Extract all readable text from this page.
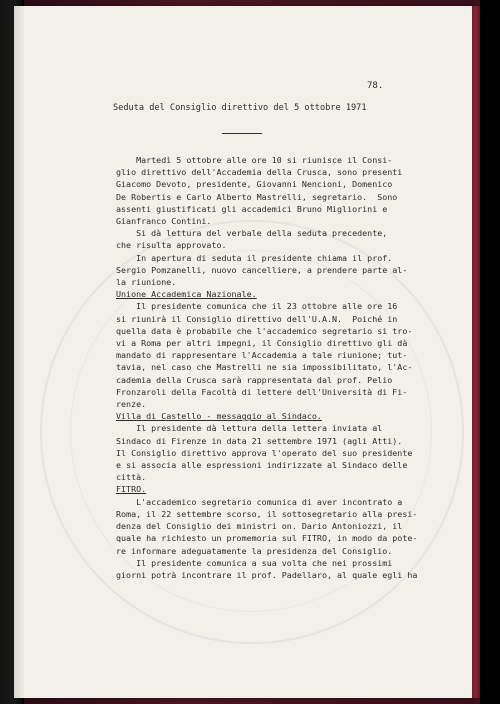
78.
Seduta del Consiglio direttivo del 5 ottobre 1971
Martedì 5 ottobre alle ore 10 si riunisce il Consi-
glio direttivo dell'Accademia della Crusca, sono presenti
Giacomo Devoto, presidente, Giovanni Nencioni, Domenico
De Robertis e Carlo Alberto Mastrelli, segretario.  Sono
assenti giustificati gli accademici Bruno Migliorini e
Gianfranco Contini.
Si dà lettura del verbale della seduta precedente,
che risulta approvato.
In apertura di seduta il presidente chiama il prof.
Sergio Pomzanelli, nuovo cancelliere, a prendere parte al-
la riunione.
Unione Accademica Nazionale.
Il presidente comunica che il 23 ottobre alle ore 16
si riunirà il Consiglio direttivo dell'U.A.N.  Poiché in
quella data è probabile che l'accademico segretario si tro-
vi a Roma per altri impegni, il Consiglio direttivo gli dà
mandato di rappresentare l'Accademia a tale riunione; tut-
tavia, nel caso che Mastrelli ne sia impossibilitato, l'Ac-
cademia della Crusca sarà rappresentata dal prof. Pelio
Fronzaroli della Facoltà di lettere dell'Università di Fi-
renze.
Villa di Castello - messaggio al Sindaco.
Il presidente dà lettura della lettera inviata al
Sindaco di Firenze in data 21 settembre 1971 (agli Atti).
Il Consiglio direttivo approva l'operato del suo presidente
e si associa alle espressioni indirizzate al Sindaco delle
città.
FITRO.
L'accademico segretario comunica di aver incontrato a
Roma, il 22 settembre scorso, il sottosegretario alla presi-
denza del Consiglio dei ministri on. Dario Antoniozzi, il
quale ha richiesto un promemoria sul FITRO, in modo da pote-
re informare adeguatamente la presidenza del Consiglio.
Il presidente comunica a sua volta che nei prossimi
giorni potrà incontrare il prof. Padellaro, al quale egli ha
